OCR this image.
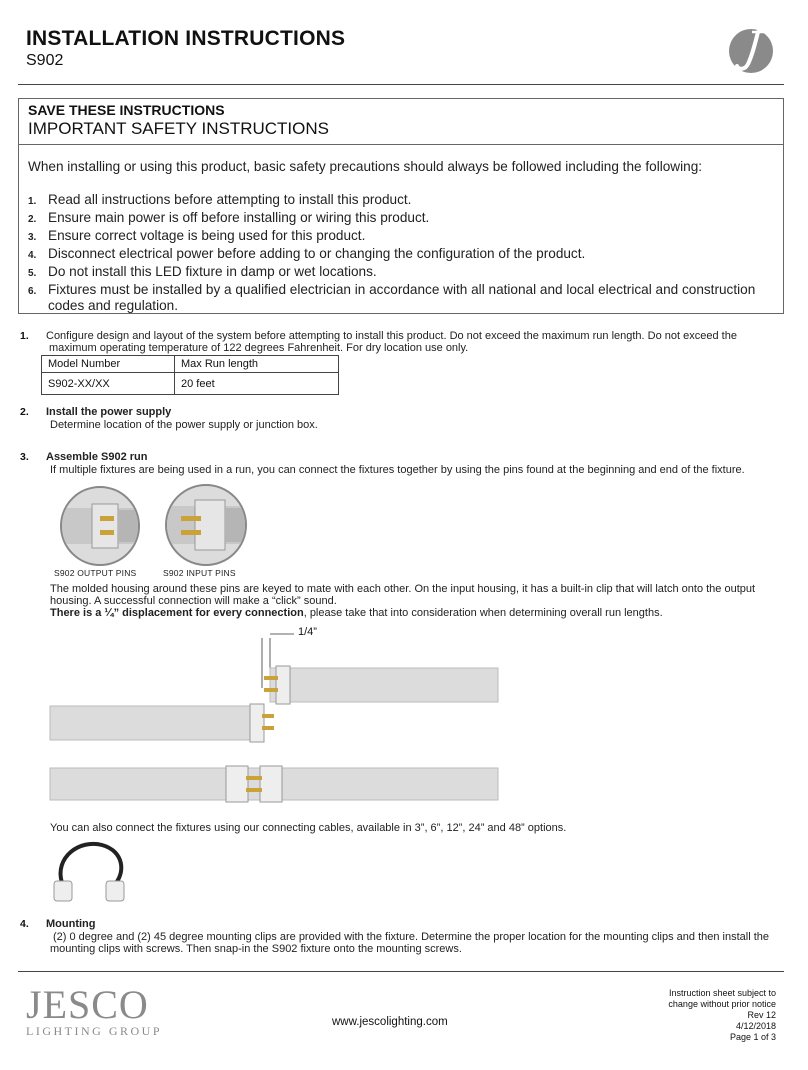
INSTALLATION INSTRUCTIONS
S902
SAVE THESE INSTRUCTIONS
IMPORTANT SAFETY INSTRUCTIONS
When installing or using this product, basic safety precautions should always be followed including the following:
1. Read all instructions before attempting to install this product.
2. Ensure main power is off before installing or wiring this product.
3. Ensure correct voltage is being used for this product.
4. Disconnect electrical power before adding to or changing the configuration of the product.
5. Do not install this LED fixture in damp or wet locations.
6. Fixtures must be installed by a qualified electrician in accordance with all national and local electrical and construction codes and regulation.
1. Configure design and layout of the system before attempting to install this product. Do not exceed the maximum run length. Do not exceed the
maximum operating temperature of 122 degrees Fahrenheit. For dry location use only.
Model Number	Max Run length
S902-XX/XX	20 feet
2. Install the power supply
Determine location of the power supply or junction box.
3. Assemble S902 run
If multiple fixtures are being used in a run, you can connect the fixtures together by using the pins found at the beginning and end of the fixture.
S902 OUTPUT PINS	S902 INPUT PINS
The molded housing around these pins are keyed to mate with each other. On the input housing, it has a built-in clip that will latch onto the output
housing. A successful connection will make a “click” sound.
There is a ¼” displacement for every connection, please take that into consideration when determining overall run lengths.
1/4”
You can also connect the fixtures using our connecting cables, available in 3”, 6”, 12”, 24” and 48” options.
4. Mounting
(2) 0 degree and (2) 45 degree mounting clips are provided with the fixture. Determine the proper location for the mounting clips and then install the
mounting clips with screws. Then snap-in the S902 fixture onto the mounting screws.
JESCO
LIGHTING GROUP
www.jescolighting.com
Instruction sheet subject to
change without prior notice
Rev 12
4/12/2018
Page 1 of 3
